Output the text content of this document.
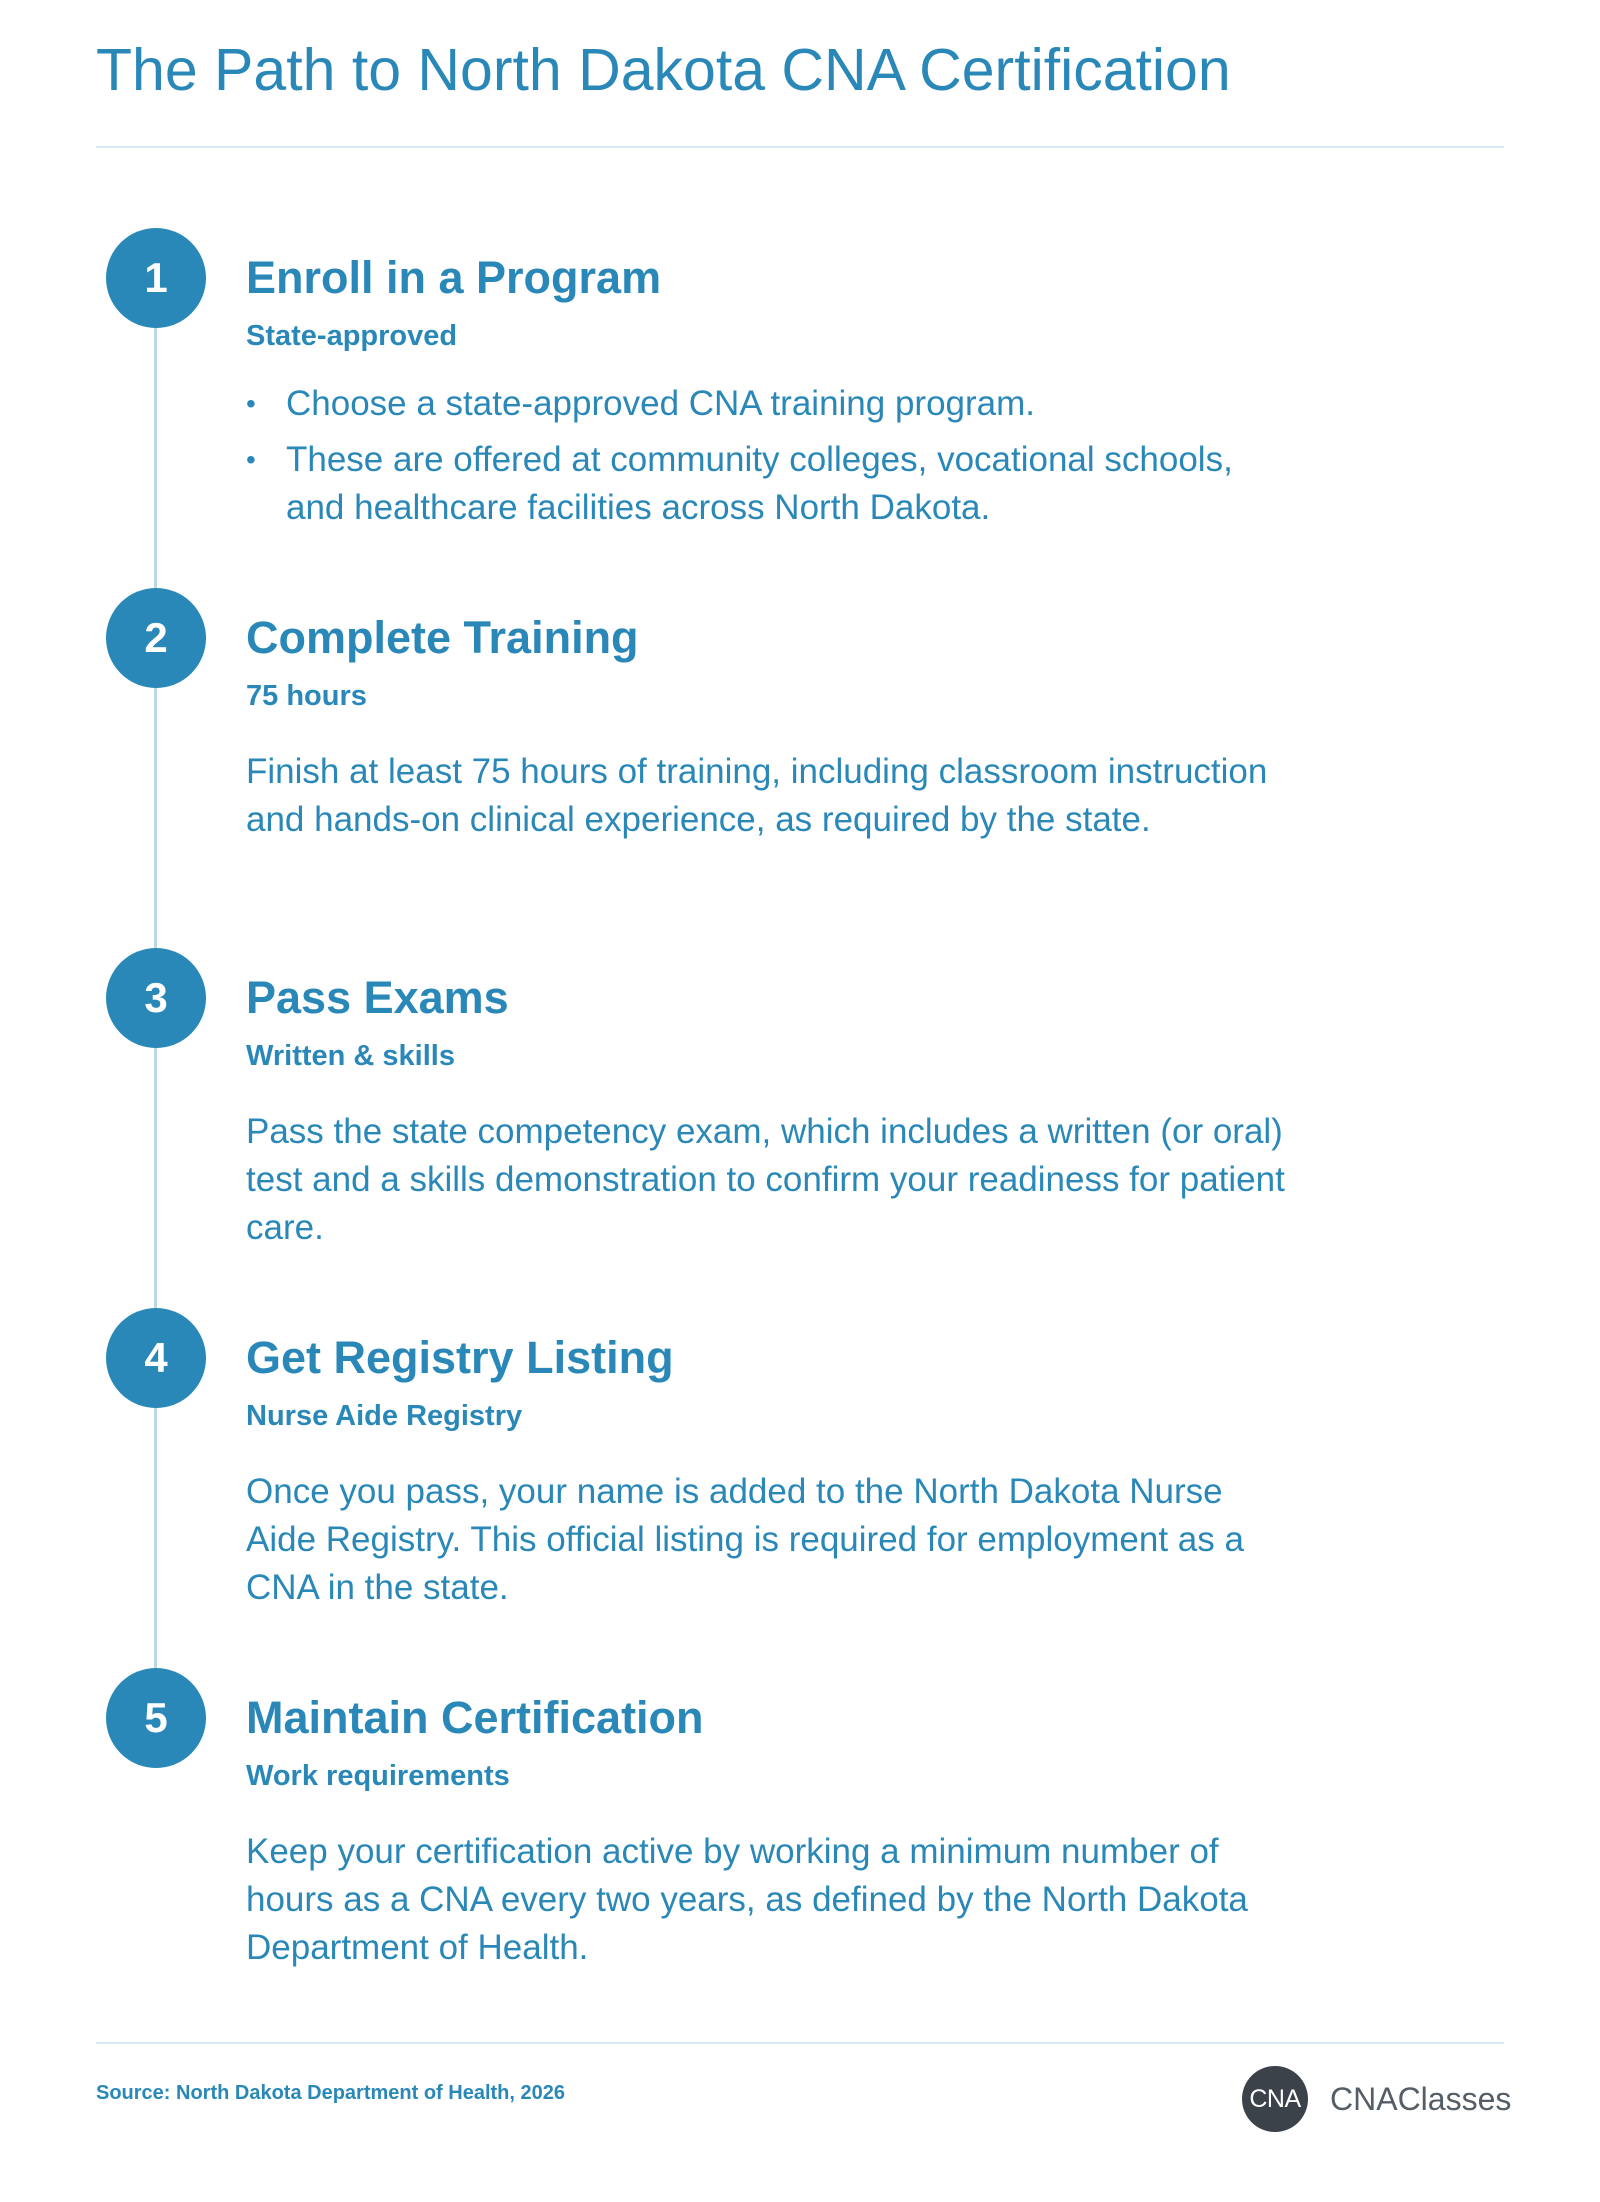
The Path to North Dakota CNA Certification
1	Enroll in a Program
State-approved
• Choose a state-approved CNA training program.
• These are offered at community colleges, vocational schools, and healthcare facilities across North Dakota.
2	Complete Training
75 hours

Finish at least 75 hours of training, including classroom instruction and hands-on clinical experience, as required by the state.

3	Pass Exams
Written & skills

Pass the state competency exam, which includes a written (or oral) test and a skills demonstration to confirm your readiness for patient care.

4	Get Registry Listing
Nurse Aide Registry

Once you pass, your name is added to the North Dakota Nurse Aide Registry. This official listing is required for employment as a CNA in the state.

5	Maintain Certification
Work requirements

Keep your certification active by working a minimum number of hours as a CNA every two years, as defined by the North Dakota Department of Health.

Source: North Dakota Department of Health, 2026	CNA CNAClasses
